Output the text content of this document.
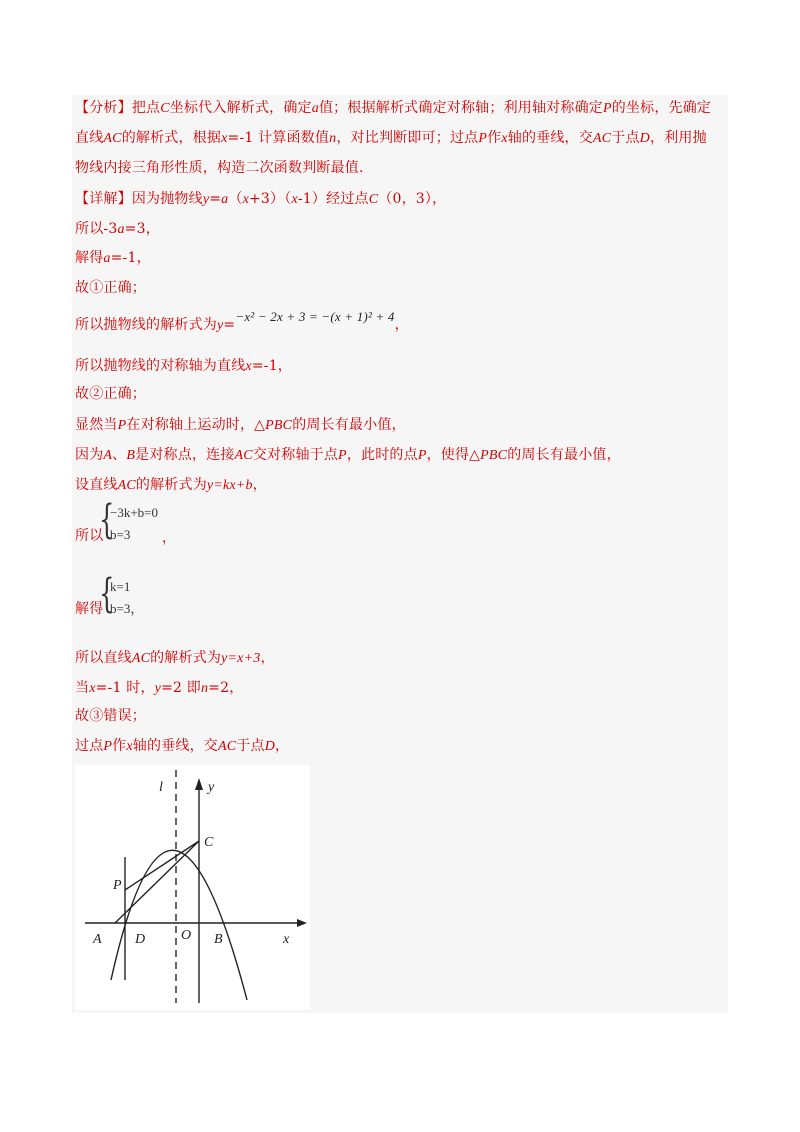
【分析】把点C坐标代入解析式，确定a值；根据解析式确定对称轴；利用轴对称确定P的坐标，先确定
直线AC的解析式，根据x=-1 计算函数值n，对比判断即可；过点P作x轴的垂线，交AC于点D，利用抛
物线内接三角形性质，构造二次函数判断最值.
【详解】因为抛物线y=a（x+3）（x-1）经过点C（0，3），
所以-3a=3，
解得a=-1，
故①正确；
所以抛物线的解析式为y=−x² − 2x + 3 = −(x + 1)² + 4，
所以抛物线的对称轴为直线x=-1，
故②正确；
显然当P在对称轴上运动时，△PBC的周长有最小值，
因为A、B是对称点，连接AC交对称轴于点P，此时的点P，使得△PBC的周长有最小值，
设直线AC的解析式为y=kx+b，
所以
{
−3k+b=0
b=3 ，
解得
{
k=1
b=3，
所以直线AC的解析式为y=x+3，
当x=-1 时，y=2 即n=2，
故③错误；
过点P作x轴的垂线，交AC于点D，
l	y
C
P
A D	O B	x
